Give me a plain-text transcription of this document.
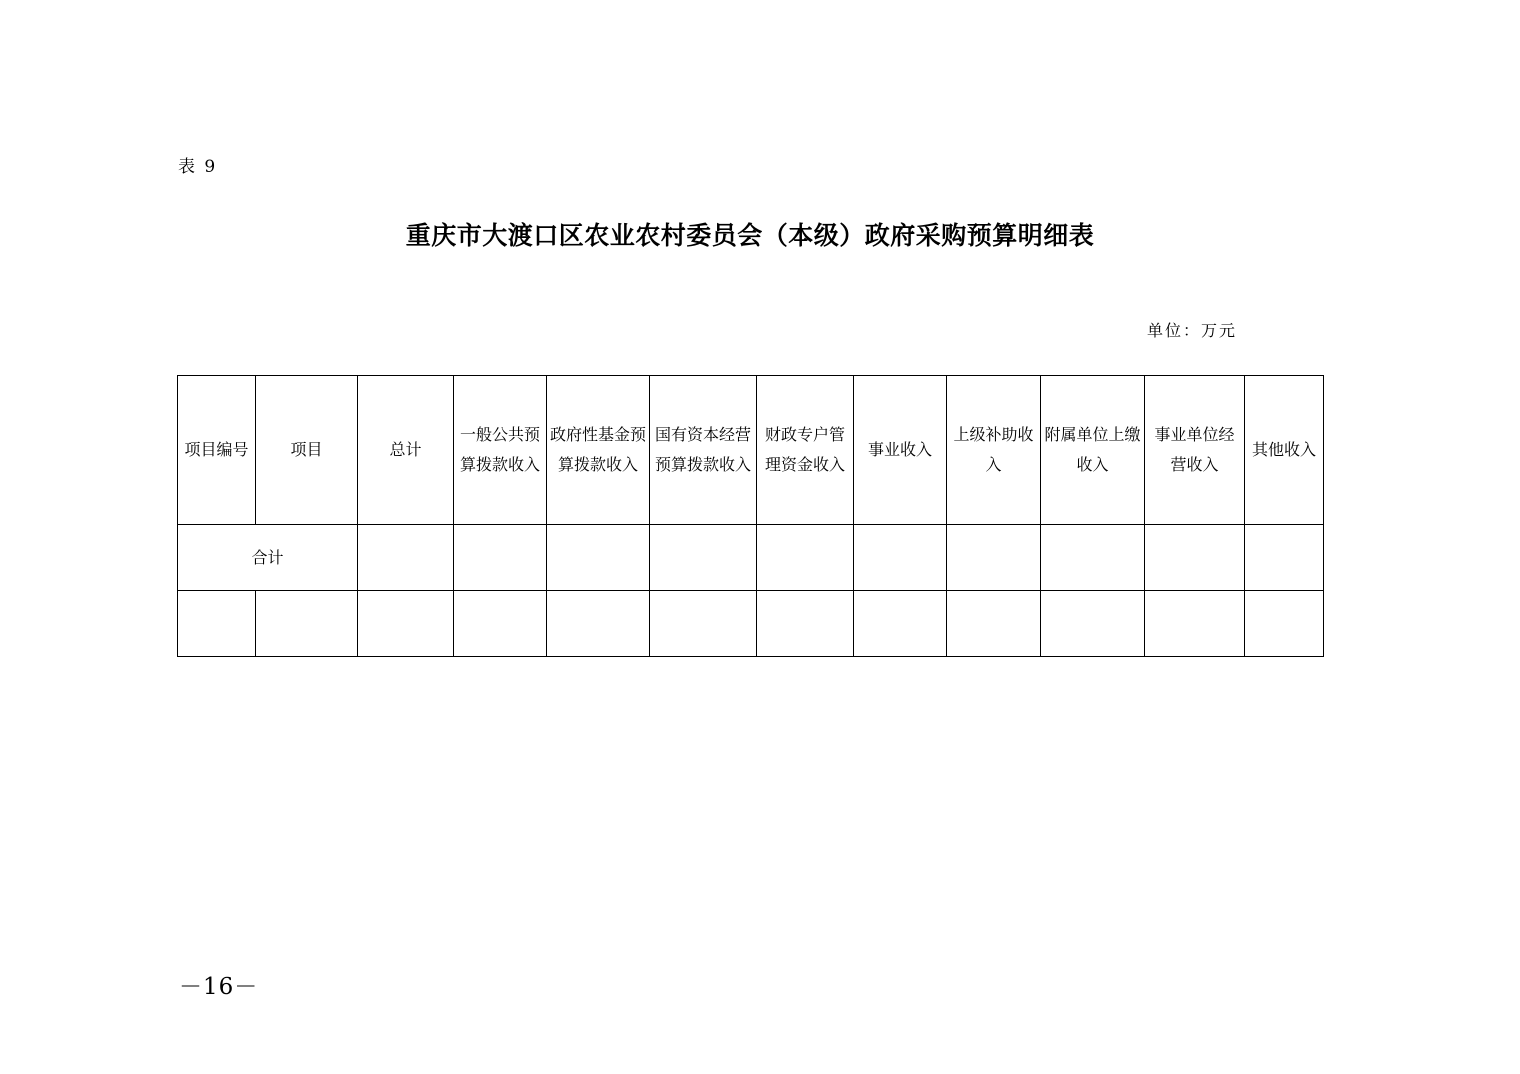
表 9
重庆市大渡口区农业农村委员会（本级）政府采购预算明细表
单位：万元
项目编号	项目	总计	一般公共预算拨款收入	政府性基金预算拨款收入	国有资本经营预算拨款收入	财政专户管理资金收入	事业收入	上级补助收入	附属单位上缴收入	事业单位经营收入	其他收入
合计											

－16－
